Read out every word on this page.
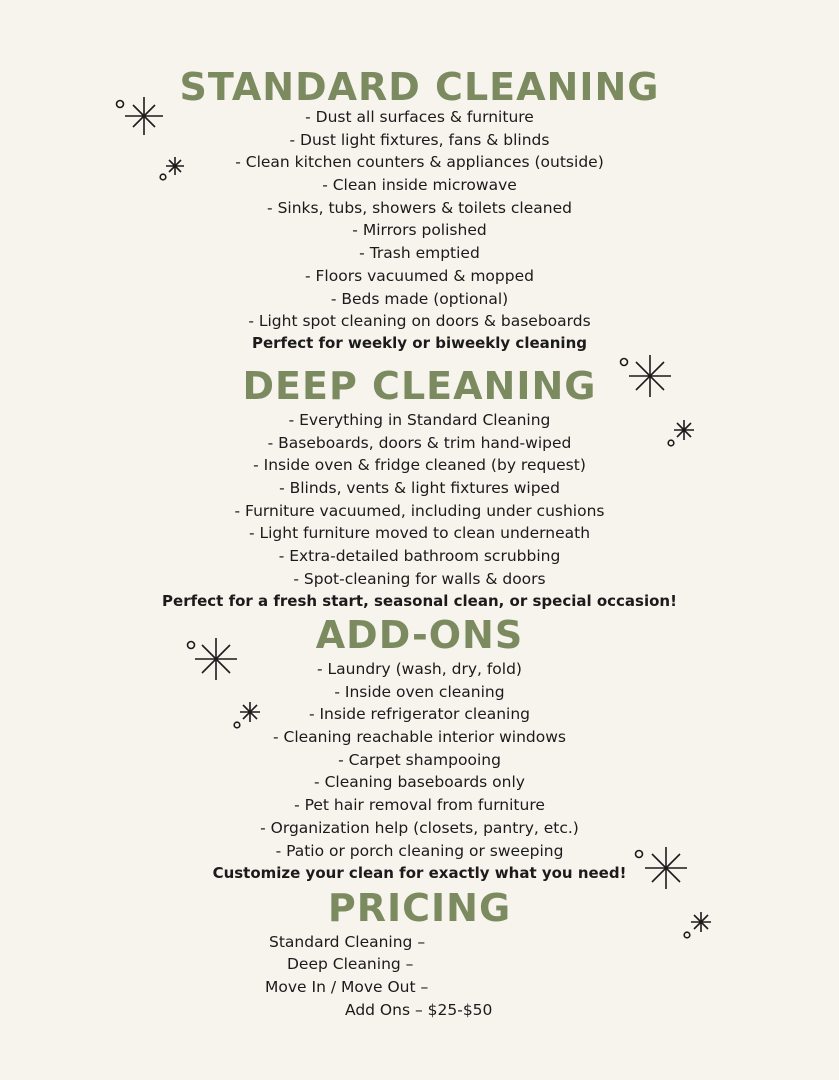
STANDARD CLEANING
- Dust all surfaces & furniture
- Dust light fixtures, fans & blinds
- Clean kitchen counters & appliances (outside)
- Clean inside microwave
- Sinks, tubs, showers & toilets cleaned
- Mirrors polished
- Trash emptied
- Floors vacuumed & mopped
- Beds made (optional)
- Light spot cleaning on doors & baseboards
Perfect for weekly or biweekly cleaning
DEEP CLEANING
- Everything in Standard Cleaning
- Baseboards, doors & trim hand-wiped
- Inside oven & fridge cleaned (by request)
- Blinds, vents & light fixtures wiped
- Furniture vacuumed, including under cushions
- Light furniture moved to clean underneath
- Extra-detailed bathroom scrubbing
- Spot-cleaning for walls & doors
Perfect for a fresh start, seasonal clean, or special occasion!
ADD-ONS
- Laundry (wash, dry, fold)
- Inside oven cleaning
- Inside refrigerator cleaning
- Cleaning reachable interior windows
- Carpet shampooing
- Cleaning baseboards only
- Pet hair removal from furniture
- Organization help (closets, pantry, etc.)
- Patio or porch cleaning or sweeping
Customize your clean for exactly what you need!
PRICING
Standard Cleaning –
Deep Cleaning –
Move In / Move Out –
Add Ons – $25-$50
